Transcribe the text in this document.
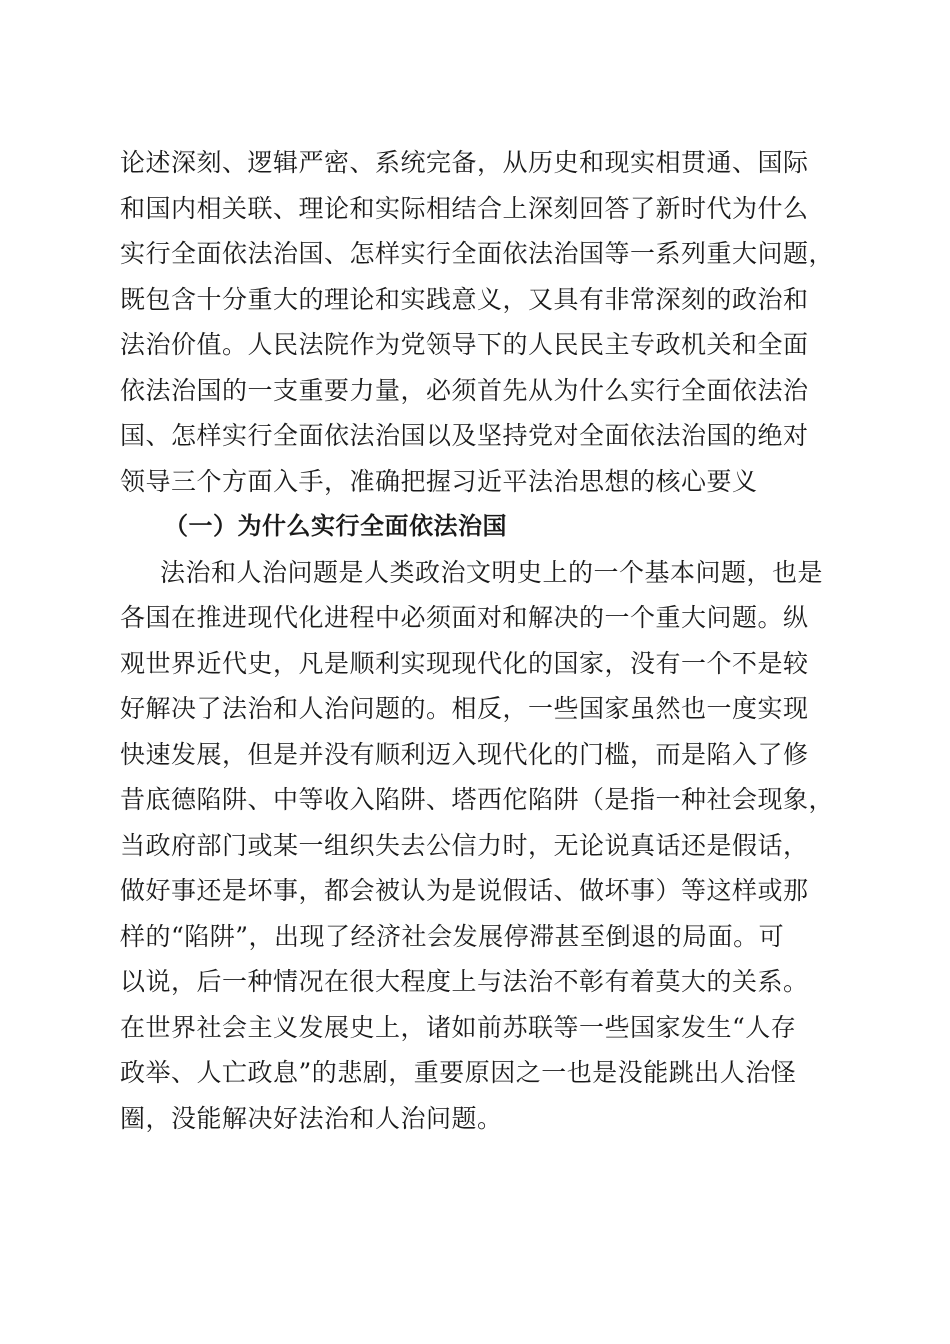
论述深刻、逻辑严密、系统完备，从历史和现实相贯通、国际
和国内相关联、理论和实际相结合上深刻回答了新时代为什么
实行全面依法治国、怎样实行全面依法治国等一系列重大问题，
既包含十分重大的理论和实践意义，又具有非常深刻的政治和
法治价值。人民法院作为党领导下的人民民主专政机关和全面
依法治国的一支重要力量，必须首先从为什么实行全面依法治
国、怎样实行全面依法治国以及坚持党对全面依法治国的绝对
领导三个方面入手，准确把握习近平法治思想的核心要义
（一）为什么实行全面依法治国
法治和人治问题是人类政治文明史上的一个基本问题，也是
各国在推进现代化进程中必须面对和解决的一个重大问题。纵
观世界近代史，凡是顺利实现现代化的国家，没有一个不是较
好解决了法治和人治问题的。相反，一些国家虽然也一度实现
快速发展，但是并没有顺利迈入现代化的门槛，而是陷入了修
昔底德陷阱、中等收入陷阱、塔西佗陷阱（是指一种社会现象，
当政府部门或某一组织失去公信力时，无论说真话还是假话，
做好事还是坏事，都会被认为是说假话、做坏事）等这样或那
样的“陷阱”，出现了经济社会发展停滞甚至倒退的局面。可
以说，后一种情况在很大程度上与法治不彰有着莫大的关系。
在世界社会主义发展史上，诸如前苏联等一些国家发生“人存
政举、人亡政息”的悲剧，重要原因之一也是没能跳出人治怪
圈，没能解决好法治和人治问题。
